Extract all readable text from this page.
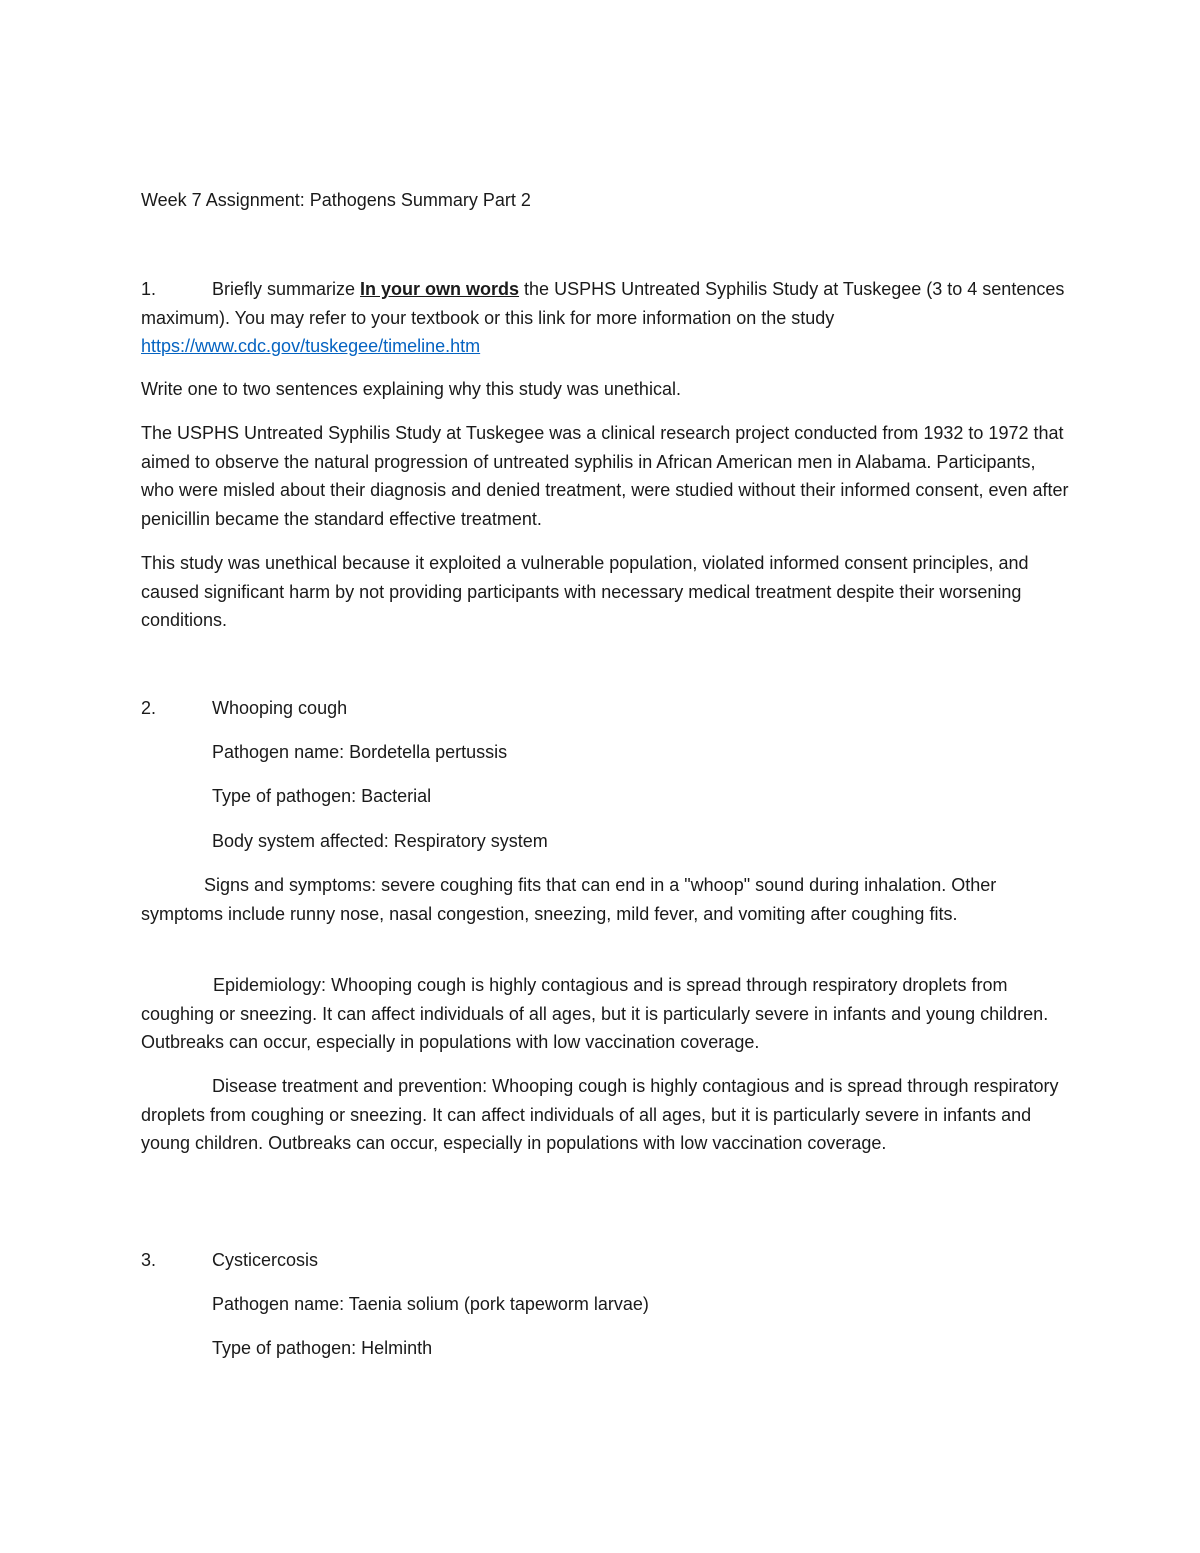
Week 7 Assignment: Pathogens Summary Part 2

1.	Briefly summarize In your own words the USPHS Untreated Syphilis Study at Tuskegee (3 to 4 sentences maximum). You may refer to your textbook or this link for more information on the study https://www.cdc.gov/tuskegee/timeline.htm

Write one to two sentences explaining why this study was unethical.

The USPHS Untreated Syphilis Study at Tuskegee was a clinical research project conducted from 1932 to 1972 that aimed to observe the natural progression of untreated syphilis in African American men in Alabama. Participants, who were misled about their diagnosis and denied treatment, were studied without their informed consent, even after penicillin became the standard effective treatment.

This study was unethical because it exploited a vulnerable population, violated informed consent principles, and caused significant harm by not providing participants with necessary medical treatment despite their worsening conditions.

2.	Whooping cough

Pathogen name: Bordetella pertussis

Type of pathogen: Bacterial

Body system affected: Respiratory system

Signs and symptoms: severe coughing fits that can end in a "whoop" sound during inhalation. Other symptoms include runny nose, nasal congestion, sneezing, mild fever, and vomiting after coughing fits.

Epidemiology: Whooping cough is highly contagious and is spread through respiratory droplets from coughing or sneezing. It can affect individuals of all ages, but it is particularly severe in infants and young children. Outbreaks can occur, especially in populations with low vaccination coverage.

Disease treatment and prevention: Whooping cough is highly contagious and is spread through respiratory droplets from coughing or sneezing. It can affect individuals of all ages, but it is particularly severe in infants and young children. Outbreaks can occur, especially in populations with low vaccination coverage.

3.	Cysticercosis

Pathogen name: Taenia solium (pork tapeworm larvae)

Type of pathogen: Helminth
